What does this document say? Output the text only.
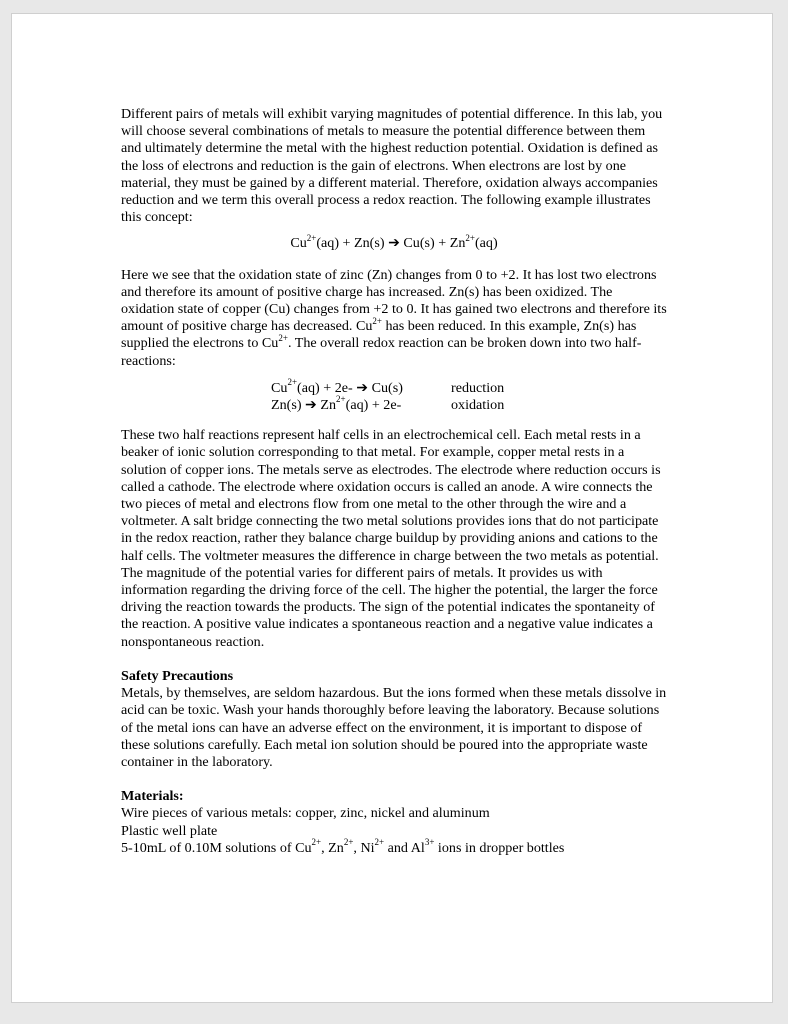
Different pairs of metals will exhibit varying magnitudes of potential difference. In this lab, you will choose several combinations of metals to measure the potential difference between them and ultimately determine the metal with the highest reduction potential. Oxidation is defined as the loss of electrons and reduction is the gain of electrons. When electrons are lost by one material, they must be gained by a different material. Therefore, oxidation always accompanies reduction and we term this overall process a redox reaction. The following example illustrates this concept:

$Cu^{2+}(aq) + Zn(s)$ ➔ $Cu(s) + Zn^{2+}(aq)$

Here we see that the oxidation state of zinc (Zn) changes from 0 to +2. It has lost two electrons and therefore its amount of positive charge has increased. Zn(s) has been oxidized. The oxidation state of copper (Cu) changes from +2 to 0. It has gained two electrons and therefore its amount of positive charge has decreased. $Cu^{2+}$ has been reduced. In this example, Zn(s) has supplied the electrons to $Cu^{2+}$. The overall redox reaction can be broken down into two half-reactions:

$Cu^{2+}(aq) + 2e-$ ➔ Cu(s)	reduction
Zn(s) ➔ $Zn^{2+}(aq) + 2e-$	oxidation

These two half reactions represent half cells in an electrochemical cell. Each metal rests in a beaker of ionic solution corresponding to that metal. For example, copper metal rests in a solution of copper ions. The metals serve as electrodes. The electrode where reduction occurs is called a cathode. The electrode where oxidation occurs is called an anode. A wire connects the two pieces of metal and electrons flow from one metal to the other through the wire and a voltmeter. A salt bridge connecting the two metal solutions provides ions that do not participate in the redox reaction, rather they balance charge buildup by providing anions and cations to the half cells. The voltmeter measures the difference in charge between the two metals as potential. The magnitude of the potential varies for different pairs of metals. It provides us with information regarding the driving force of the cell. The higher the potential, the larger the force driving the reaction towards the products. The sign of the potential indicates the spontaneity of the reaction. A positive value indicates a spontaneous reaction and a negative value indicates a nonspontaneous reaction.

Safety Precautions

Metals, by themselves, are seldom hazardous. But the ions formed when these metals dissolve in acid can be toxic. Wash your hands thoroughly before leaving the laboratory. Because solutions of the metal ions can have an adverse effect on the environment, it is important to dispose of these solutions carefully. Each metal ion solution should be poured into the appropriate waste container in the laboratory.

Materials:

Wire pieces of various metals: copper, zinc, nickel and aluminum

Plastic well plate

5-10mL of 0.10M solutions of $Cu^{2+}$, $Zn^{2+}$, $Ni^{2+}$ and $Al^{3+}$ ions in dropper bottles
